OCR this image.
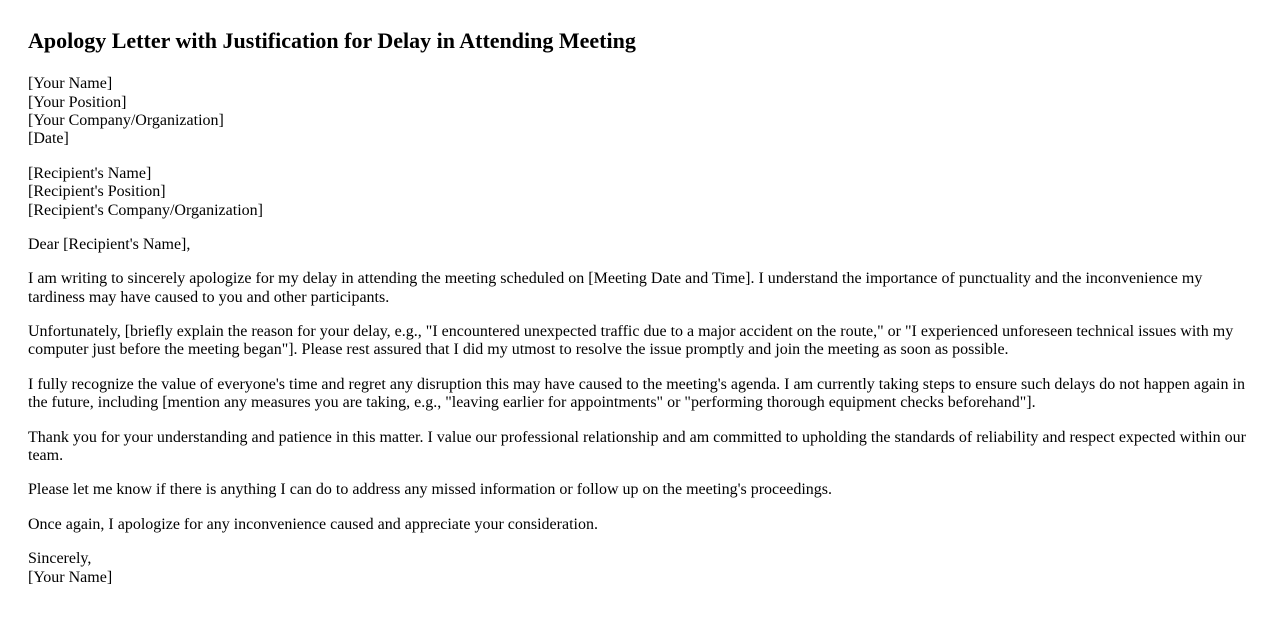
Apology Letter with Justification for Delay in Attending Meeting

[Your Name]
[Your Position]
[Your Company/Organization]
[Date]

[Recipient's Name]
[Recipient's Position]
[Recipient's Company/Organization]

Dear [Recipient's Name],

I am writing to sincerely apologize for my delay in attending the meeting scheduled on [Meeting Date and Time]. I understand the importance of punctuality and the inconvenience my tardiness may have caused to you and other participants.

Unfortunately, [briefly explain the reason for your delay, e.g., "I encountered unexpected traffic due to a major accident on the route," or "I experienced unforeseen technical issues with my computer just before the meeting began"]. Please rest assured that I did my utmost to resolve the issue promptly and join the meeting as soon as possible.

I fully recognize the value of everyone's time and regret any disruption this may have caused to the meeting's agenda. I am currently taking steps to ensure such delays do not happen again in the future, including [mention any measures you are taking, e.g., "leaving earlier for appointments" or "performing thorough equipment checks beforehand"].

Thank you for your understanding and patience in this matter. I value our professional relationship and am committed to upholding the standards of reliability and respect expected within our team.

Please let me know if there is anything I can do to address any missed information or follow up on the meeting's proceedings.

Once again, I apologize for any inconvenience caused and appreciate your consideration.

Sincerely,
[Your Name]
